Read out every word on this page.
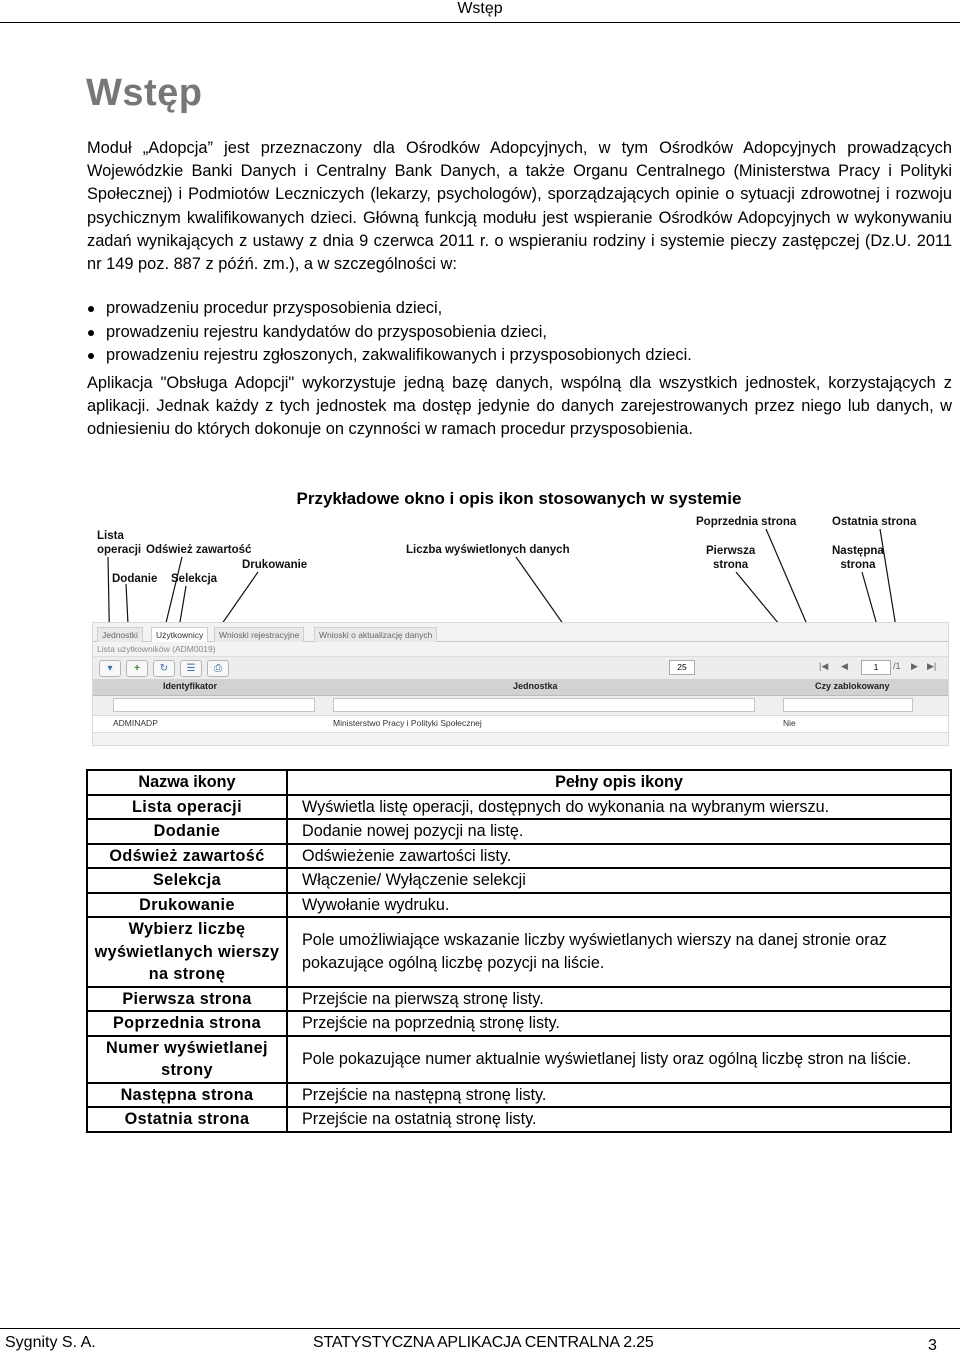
Wstęp
Wstęp
Moduł „Adopcja” jest przeznaczony dla Ośrodków Adopcyjnych, w tym Ośrodków Adopcyjnych prowadzących Wojewódzkie Banki Danych i Centralny Bank Danych, a także Organu Centralnego (Ministerstwa Pracy i Polityki Społecznej) i Podmiotów Leczniczych (lekarzy, psychologów), sporządzających opinie o sytuacji zdrowotnej i rozwoju psychicznym kwalifikowanych dzieci. Główną funkcją modułu jest wspieranie Ośrodków Adopcyjnych w wykonywaniu zadań wynikających z ustawy z dnia 9 czerwca 2011 r. o wspieraniu rodziny i systemie pieczy zastępczej (Dz.U. 2011 nr 149 poz. 887 z późń. zm.), a w szczególności w:
prowadzeniu procedur przysposobienia dzieci,
prowadzeniu rejestru kandydatów do przysposobienia dzieci,
prowadzeniu rejestru zgłoszonych, zakwalifikowanych i przysposobionych dzieci.
Aplikacja "Obsługa Adopcji" wykorzystuje jedną bazę danych, wspólną dla wszystkich jednostek, korzystających z aplikacji. Jednak każdy z tych jednostek ma dostęp jedynie do danych zarejestrowanych przez niego lub danych, w odniesieniu do których dokonuje on czynności w ramach procedur przysposobienia.
Przykładowe okno i opis ikon stosowanych w systemie
Lista
operacji Odśwież zawartość
Drukowanie
Dodanie Selekcja
Liczba wyświetlonych danych
Poprzednia strona	Ostatnia strona
Pierwsza
strona
Następna
strona
Jednostki	Użytkownicy	Wnioski rejestracyjne	Wnioski o aktualizację danych
Lista użytkowników (ADM0019)
▾	+	↻	☰	⎙	25	|◀ ◀	1	/1 ▶ ▶|
Identyfikator	Jednostka	Czy zablokowany
ADMINADP	Ministerstwo Pracy i Polityki Społecznej	Nie
Nazwa ikony	Pełny opis ikony
Lista operacji	Wyświetla listę operacji, dostępnych do wykonania na wybranym wierszu.
Dodanie	Dodanie nowej pozycji na listę.
Odśwież zawartość	Odświeżenie zawartości listy.
Selekcja	Włączenie/ Wyłączenie selekcji
Drukowanie	Wywołanie wydruku.
Wybierz liczbę wyświetlanych wierszy na stronę	Pole umożliwiające wskazanie liczby wyświetlanych wierszy na danej stronie oraz pokazujące ogólną liczbę pozycji na liście.
Pierwsza strona	Przejście na pierwszą stronę listy.
Poprzednia strona	Przejście na poprzednią stronę listy.
Numer wyświetlanej strony	Pole pokazujące numer aktualnie wyświetlanej listy oraz ogólną liczbę stron na liście.
Następna strona	Przejście na następną stronę listy.
Ostatnia strona	Przejście na ostatnią stronę listy.
Sygnity S. A.	STATYSTYCZNA APLIKACJA CENTRALNA 2.25	3
